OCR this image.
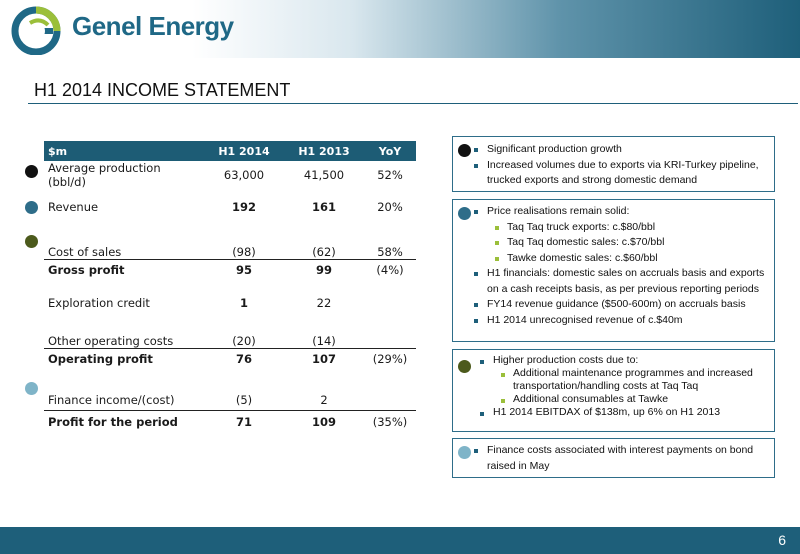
Genel Energy
H1 2014 INCOME STATEMENT
$m	H1 2014	H1 2013	YoY
Average production (bbl/d)	63,000	41,500	52%
Revenue	192	161	20%
Cost of sales	(98)	(62)	58%
Gross profit	95	99	(4%)
Exploration credit	1	22	
Other operating costs	(20)	(14)	
Operating profit	76	107	(29%)
Finance income/(cost)	(5)	2	
Profit for the period	71	109	(35%)
Significant production growth
Increased volumes due to exports via KRI-Turkey pipeline, trucked exports and strong domestic demand
Price realisations remain solid:
Taq Taq truck exports: c.$80/bbl
Taq Taq domestic sales: c.$70/bbl
Tawke domestic sales: c.$60/bbl
H1 financials: domestic sales on accruals basis and exports on a cash receipts basis, as per previous reporting periods
FY14 revenue guidance ($500-600m) on accruals basis
H1 2014 unrecognised revenue of c.$40m
Higher production costs due to:
Additional maintenance programmes and increased transportation/handling costs at Taq Taq
Additional consumables at Tawke
H1 2014 EBITDAX of $138m, up 6% on H1 2013
Finance costs associated with interest payments on bond raised in May
6
